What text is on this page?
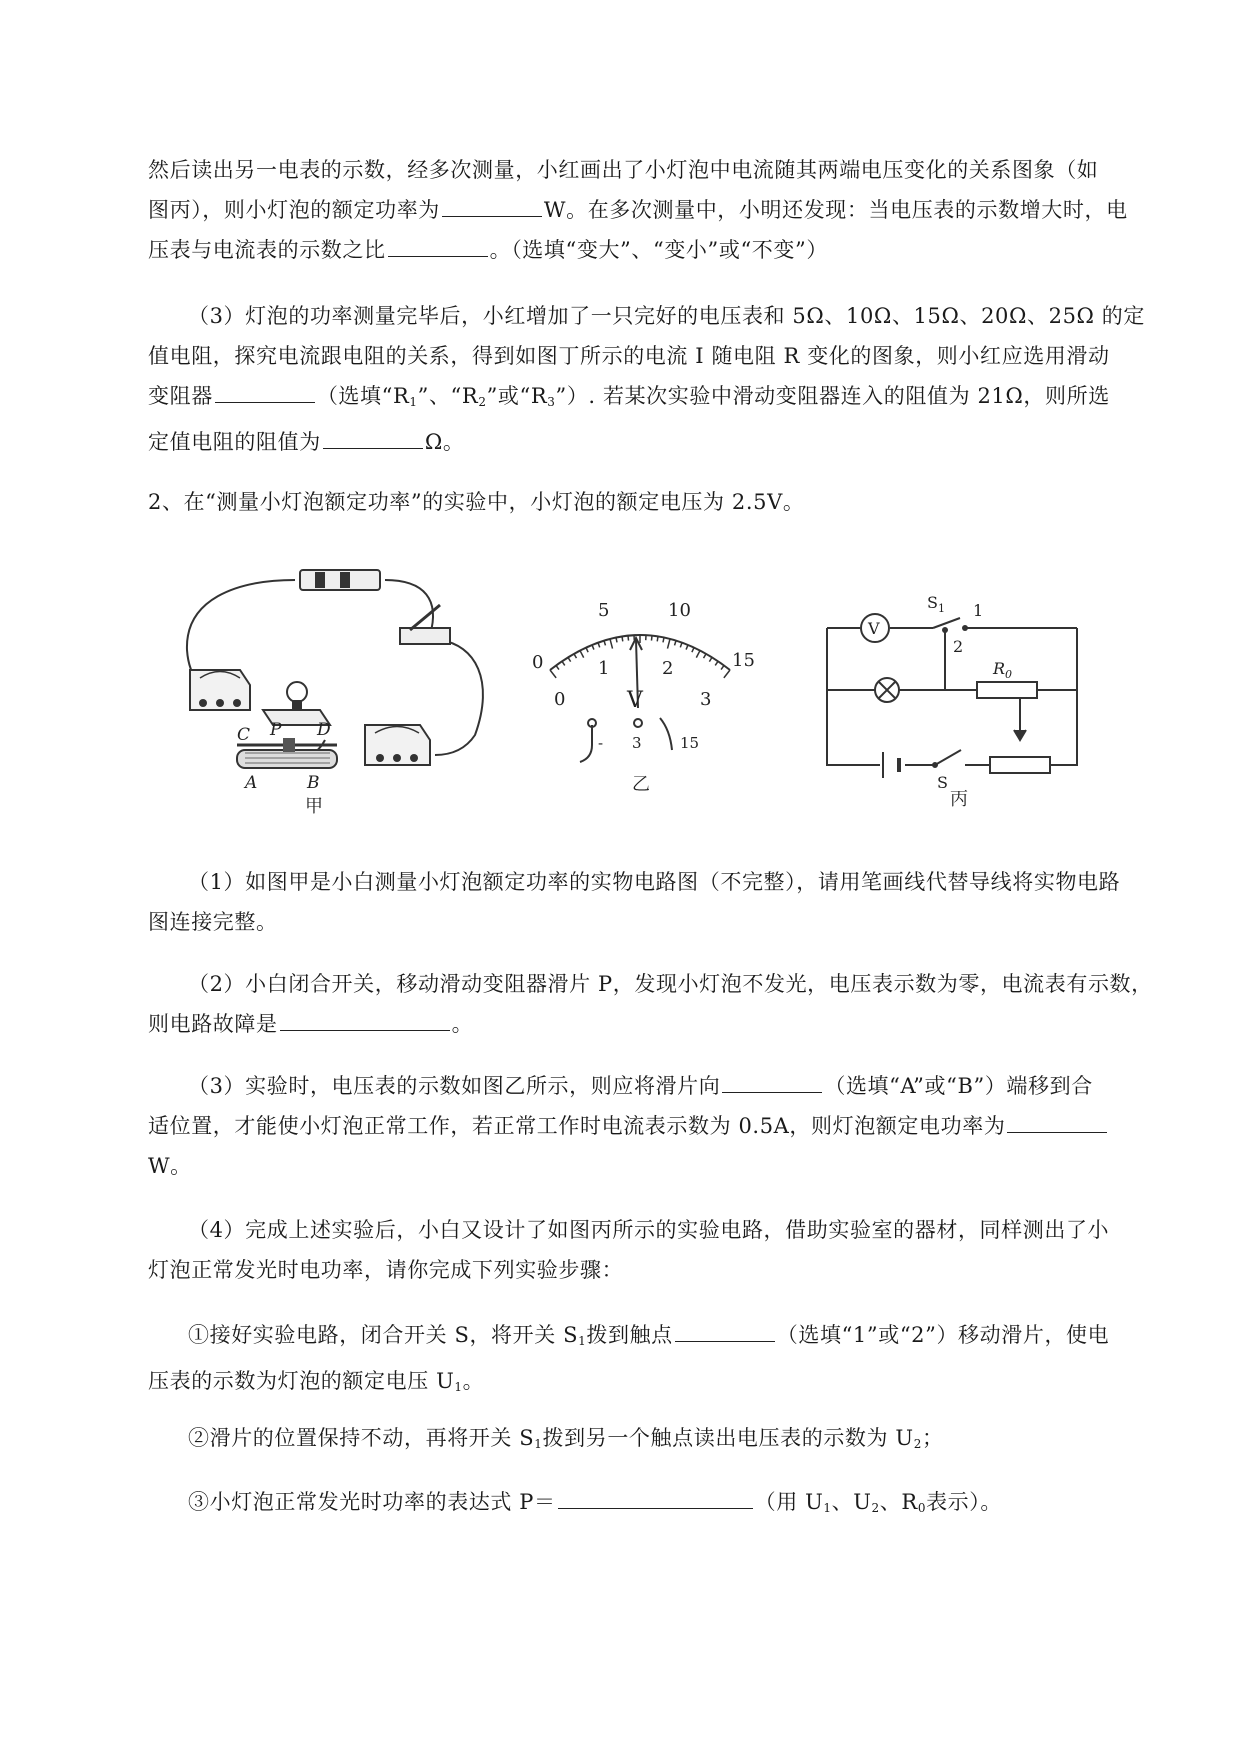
然后读出另一电表的示数，经多次测量，小红画出了小灯泡中电流随其两端电压变化的关系图象（如
图丙），则小灯泡的额定功率为	W。在多次测量中，小明还发现：当电压表的示数增大时，电
压表与电流表的示数之比	。（选填“变大”、“变小”或“不变”）
（3）灯泡的功率测量完毕后，小红增加了一只完好的电压表和 5Ω、10Ω、15Ω、20Ω、25Ω 的定
值电阻，探究电流跟电阻的关系，得到如图丁所示的电流 I 随电阻 R 变化的图象，则小红应选用滑动
变阻器	（选填“$R_1$”、“$R_2$”或“$R_3$”）. 若某次实验中滑动变阻器连入的阻值为 21Ω，则所选
定值电阻的阻值为	Ω。
2、在“测量小灯泡额定功率”的实验中，小灯泡的额定电压为 2.5V。
C P D
A	B
甲
0
5	10
15
0
1	2
3
V
- 3	15
乙
V
$S_1$ 1
2
$R_0$
S
丙
（1）如图甲是小白测量小灯泡额定功率的实物电路图（不完整），请用笔画线代替导线将实物电路
图连接完整。
（2）小白闭合开关，移动滑动变阻器滑片 P，发现小灯泡不发光，电压表示数为零，电流表有示数，
则电路故障是	。
（3）实验时，电压表的示数如图乙所示，则应将滑片向	（选填“A”或“B”）端移到合
适位置，才能使小灯泡正常工作，若正常工作时电流表示数为 0.5A，则灯泡额定电功率为
W。
（4）完成上述实验后，小白又设计了如图丙所示的实验电路，借助实验室的器材，同样测出了小
灯泡正常发光时电功率，请你完成下列实验步骤：
①接好实验电路，闭合开关 S，将开关 $S_1$拨到触点	（选填“1”或“2”）移动滑片，使电
压表的示数为灯泡的额定电压 $U_1$。
②滑片的位置保持不动，再将开关 $S_1$拨到另一个触点读出电压表的示数为 $U_2$；
③小灯泡正常发光时功率的表达式 P＝	（用 $U_1$、$U_2$、$R_0$表示）。
